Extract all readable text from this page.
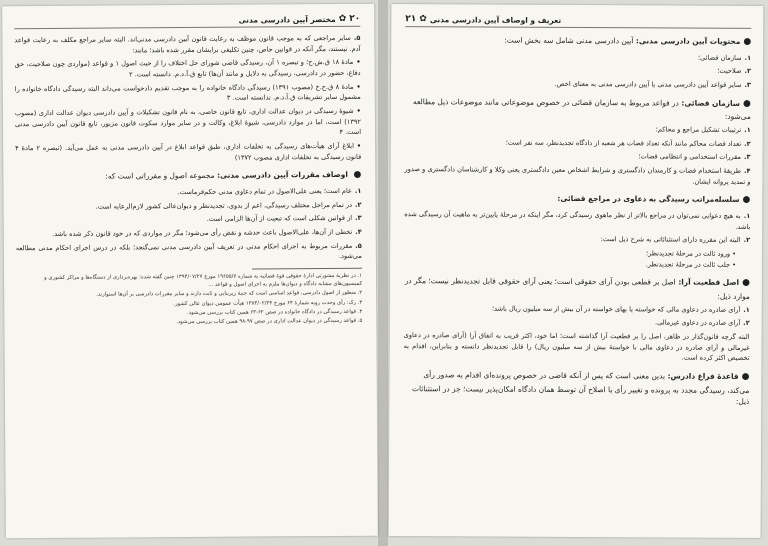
۲۰
✿
مختصر آیین دادرسی مدنی
۵.سایر مراجعی که به موجب قانون موظف به رعایت قانون آیین دادرسی مدنی‌اند. البته سایر مراجع مکلف به رعایت قواعد آدم. نیستند، مگر آنکه در قوانین خاص، چنین تکلیفی برایشان مقرر شده باشد؛ مانند:
•مادهٔ ۱۸ ق.ش.ح؛ و تبصره ۱ آن، رسیدگی قاضی شورای حل اختلاف را از حیث اصول ۱ و قواعد (مواردی چون صلاحیت، حق دفاع، حضور در دادرسی، رسیدگی به دلایل و مانند آن‌ها) تابع ق.آ.د.م. دانسته است. ۲
•مادهٔ ۸ ق.ح.خ (مصوب ۱۳۹۱) رسیدگی دادگاه خانواده را به موجب تقدیم دادخواست می‌داند البته رسیدگی دادگاه خانواده را مشمول سایر تشریفات ق.آ.د.م. ندانسته است. ۳
•شیوهٔ رسیدگی در دیوان عدالت اداری، تابع قانون خاصی، به نام قانون تشکیلات و آیین دادرسی دیوان عدالت اداری (مصوب ۱۳۹۲) است، اما در موارد دادرسی، شیوهٔ ابلاغ، وکالت و در سایر موارد سکوت قانون مزبور، تابع قانون آیین دادرسی مدنی است. ۴
•ابلاغ آرای هیأت‌های رسیدگی به تخلفات اداری، طبق قواعد ابلاغ در آیین دادرسی مدنی به عمل می‌آید. (تبصره ۲ مادهٔ ۴ قانون رسیدگی به تخلفات اداری مصوب ۱۳۷۲)
● اوصاف مقررات آیین دادرسی مدنی: مجموعه اصول و مقرراتی است که:
۱.عام است؛ یعنی علی‌الاصول در تمام دعاوی مدنی حکم‌فرماست.
۲.در تمام مراحل مختلف رسیدگی، اعم از بدوی، تجدیدنظر و دیوان‌عالی کشور لازم‌الرعایه است.
۳.از قوانین شکلی است که تبعیت از آن‌ها الزامی است.
۴.تخطی از آن‌ها، علی‌الاصول باعث خدشه و نقض رأی می‌شود؛ مگر در مواردی که در خود قانون ذکر شده باشد.
۵.مقررات مربوط به اجرای احکام مدنی در تعریف آیین دادرسی مدنی نمی‌گنجد؛ بلکه در درس اجرای احکام مدنی مطالعه می‌شود.
۱. در نظریهٔ مشورتی ادارهٔ حقوقی قوهٔ قضائیه به شماره ۱۹۶۵۵/۷ مورخ ۱۳۹۴/۰۷/۲۷ چنین گفته شده: بهره‌برداری از دستگاه‌ها و مراکز کشوری و کمیسیون‌های مشابه دادگاه و دیوان‌ها ملزم به اجرای اصول و قواعد ...
۲. منظور از اصول دادرسی، قواعد اساسی است که جنبهٔ زیربنایی و ثابت دارند و سایر مقررات دادرسی بر آن‌ها استوارند.
۳. رک: رأی وحدت رویه شمارهٔ ۶۴ مورخ ۱۳۸۳/۰۲/۲۴ هیأت عمومی دیوان عالی کشور.
۴. قواعد رسیدگی در دادگاه خانواده در صص ۶۲-۶۳ همین کتاب بررسی می‌شود.
۵. قواعد رسیدگی در دیوان عدالت اداری در صص ۹۷-۹۸ همین کتاب بررسی می‌شود.
تعریف و اوصاف آیین دادرسی مدنی
✿
۲۱
●محتویات آیین دادرسی مدنی: آیین دادرسی مدنی شامل سه بخش است:
۱.سازمان قضائی؛
۲.صلاحیت؛
۳.سایر قواعد آیین دادرسی مدنی یا آیین دادرسی مدنی به معنای اخص.
●سازمان قضائی: در قواعد مربوط به سازمان قضائی در خصوص موضوعاتی مانند موضوعات ذیل مطالعه می‌شود:
۱.ترتیبات تشکیل مراجع و محاکم؛
۲.تعداد قضات محاکم مانند آنکه تعداد قضات هر شعبه از دادگاه تجدیدنظر، سه نفر است؛
۳.مقررات استخدامی و انتظامی قضات؛
۴.طریقهٔ استخدام قضات و کارمندان دادگستری و شرایط اشخاص معین دادگستری یعنی وکلا و کارشناسان دادگستری و صدور و تمدید پروانه ایشان.
●سلسله‌مراتب رسیدگی به دعاوی در مراجع قضائی:
۱.به هیچ دعوایی نمی‌توان در مراجع بالاتر از نظر ماهوی رسیدگی کرد، مگر اینکه در مرحلهٔ پایین‌تر به ماهیت آن رسیدگی شده باشد.
۲.البته این مقرره دارای استثنائاتی به شرح ذیل است:
• ورود ثالث در مرحلهٔ تجدیدنظر؛
• جلب ثالث در مرحلهٔ تجدیدنظر.
●اصل قطعیت آرا: اصل بر قطعی بودن آرای حقوقی است؛ یعنی آرای حقوقی قابل تجدیدنظر نیست؛ مگر در موارد ذیل:
۱.آرای صادره در دعاوی مالی که خواسته یا بهای خواسته در آن بیش از سه میلیون ریال باشد؛
۲.آرای صادره در دعاوی غیرمالی.
البته گرچه قانون‌گذار در ظاهر، اصل را بر قطعیت آرا گذاشته است؛ اما خود، اکثر قریب به اتفاق آرا (آرای صادره در دعاوی غیرمالی و آرای صادره در دعاوی مالی با خواستهٔ بیش از سه میلیون ریال) را قابل تجدیدنظر دانسته و بنابراین، اقدام به تخصیص اکثر کرده است.
●قاعدهٔ فراغ دادرس: بدین معنی است که پس از آنکه قاضی در خصوص پرونده‌ای اقدام به صدور رأی می‌کند، رسیدگی مجدد به پرونده و تغییر رأی یا اصلاح آن توسط همان دادگاه امکان‌پذیر نیست؛ جز در استثنائات ذیل:
